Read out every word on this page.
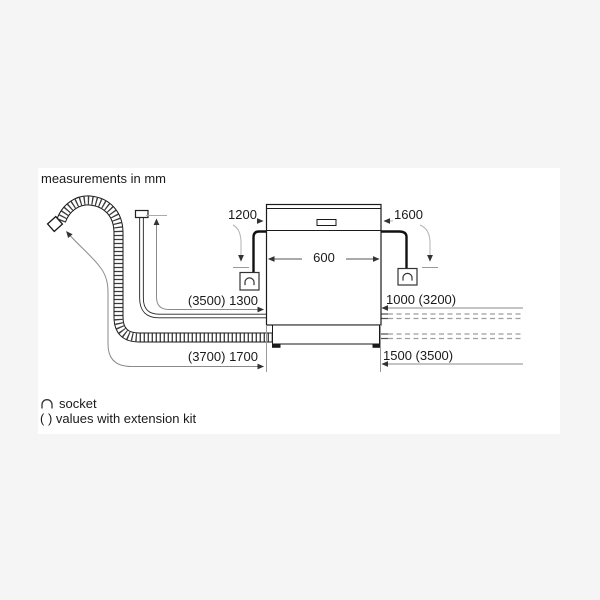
measurements in mm
1200	1600
600
(3500) 1300
(3700) 1700
1000 (3200)
1500 (3500)
socket
( ) values with extension kit
